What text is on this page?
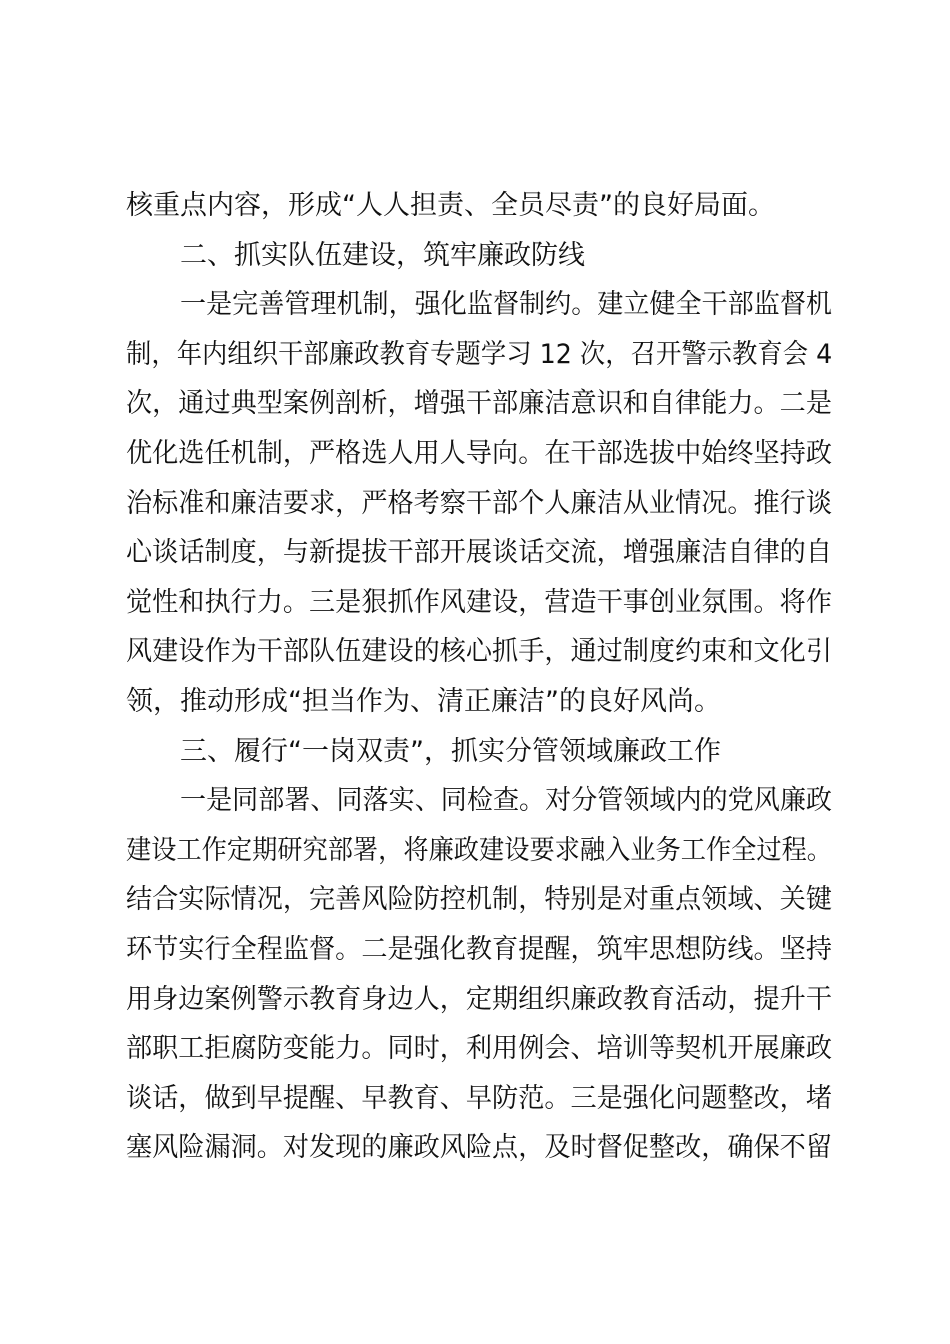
核重点内容，形成“人人担责、全员尽责”的良好局面。
二、抓实队伍建设，筑牢廉政防线
一是完善管理机制，强化监督制约。建立健全干部监督机
制，年内组织干部廉政教育专题学习 12 次，召开警示教育会 4
次，通过典型案例剖析，增强干部廉洁意识和自律能力。二是
优化选任机制，严格选人用人导向。在干部选拔中始终坚持政
治标准和廉洁要求，严格考察干部个人廉洁从业情况。推行谈
心谈话制度，与新提拔干部开展谈话交流，增强廉洁自律的自
觉性和执行力。三是狠抓作风建设，营造干事创业氛围。将作
风建设作为干部队伍建设的核心抓手，通过制度约束和文化引
领，推动形成“担当作为、清正廉洁”的良好风尚。
三、履行“一岗双责”，抓实分管领域廉政工作
一是同部署、同落实、同检查。对分管领域内的党风廉政
建设工作定期研究部署，将廉政建设要求融入业务工作全过程。
结合实际情况，完善风险防控机制，特别是对重点领域、关键
环节实行全程监督。二是强化教育提醒，筑牢思想防线。坚持
用身边案例警示教育身边人，定期组织廉政教育活动，提升干
部职工拒腐防变能力。同时，利用例会、培训等契机开展廉政
谈话，做到早提醒、早教育、早防范。三是强化问题整改，堵
塞风险漏洞。对发现的廉政风险点，及时督促整改，确保不留
